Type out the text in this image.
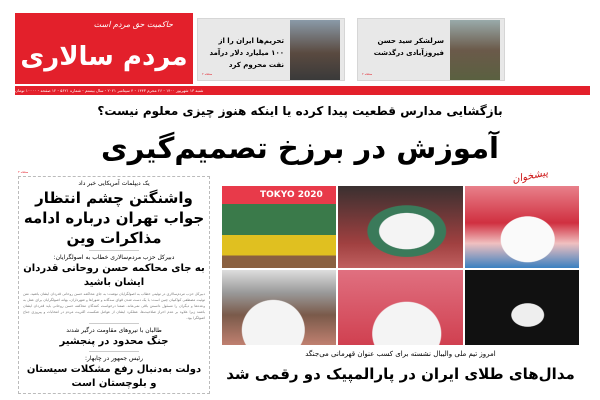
حاکمیت حق مردم است
مردم سالاری
شنبه ۱۳ شهریور ۱۴۰۰ - ۲۶ محرم ۱۴۴۳ - ۴ سپتامبر ۲۰۲۱ - سال بیستم - شماره ۵۶۲۱ - ۱۲ صفحه - ۱۰۰۰۰ تومان
تحریم‌ها ایران را از ۱۰۰ میلیارد دلار درآمد نفت محروم کرد
صفحه ۲
سرلشکر سید حسن فیروزآبادی درگذشت
صفحه ۲
بازگشایی مدارس قطعیت پیدا کرده یا اینکه هنوز چیزی معلوم نیست؟
آموزش در برزخ تصمیم‌گیری
صفحه ۳
یک دیپلمات آمریکایی خبر داد
واشنگتن چشم انتظار جواب تهران درباره ادامه مذاکرات وین
دبیرکل حزب مردم‌سالاری خطاب به اصولگرایان:
به جای محاکمه حسن روحانی قدردان ایشان باشید
دبیرکل حزب مردم‌سالاری در توئیتی خطاب به اصولگرایان نوشت: به جای محاکمه حسن روحانی قدردان ایشان باشید. متن توئیت مصطفی کواکبیان چنین است: با یک دست شدن قوای سه‌گانه و شوراها و شهرداران، بهانه اصولگرایان برای عمل به وعده‌ها و دیگران را مسئول دانستن باقی نمی‌ماند. ضمنا درخواست کنندگان محاکمه حسن روحانی باید قدردان ایشان باشند زیرا علاوه بر عدم احراز صلاحیت‌ها، عملکرد ایشان از عوامل شکست اکثریت مردم در انتخابات و پیروزی جناح اصولگرا بود.
طالبان با نیروهای مقاومت درگیر شدند
جنگ محدود در پنجشیر
رئیس جمهور در چابهار:
دولت به‌دنبال رفع مشکلات سیستان و بلوچستان است
TOKYO 2020
پیشخوان
امروز تیم ملی والیبال نشسته برای کسب عنوان قهرمانی می‌جنگد
مدال‌های طلای ایران در پارالمپیک دو رقمی شد
